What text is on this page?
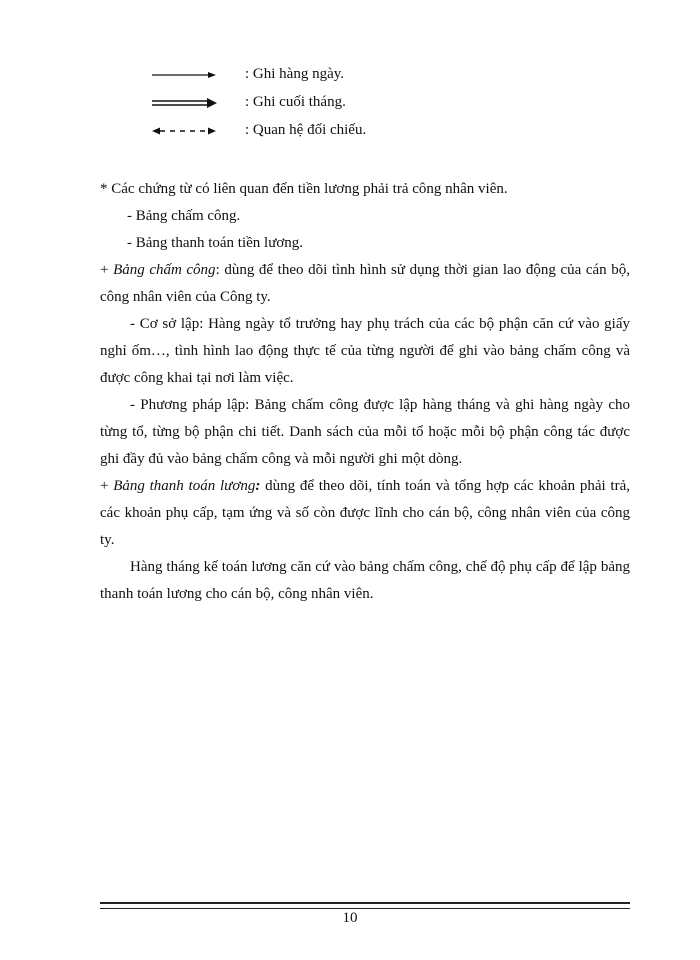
: Ghi hàng ngày.
: Ghi cuối tháng.
: Quan hệ đối chiếu.

* Các chứng từ có liên quan đến tiền lương phải trả công nhân viên.

- Bảng chấm công.

- Bảng thanh toán tiền lương.

+ Bảng chấm công: dùng để theo dõi tình hình sử dụng thời gian lao động của cán bộ, công nhân viên của Công ty.

- Cơ sở lập: Hàng ngày tổ trưởng hay phụ trách của các bộ phận căn cứ vào giấy nghỉ ốm…, tình hình lao động thực tế của từng người để ghi vào bảng chấm công và được công khai tại nơi làm việc.

- Phương pháp lập: Bảng chấm công được lập hàng tháng và ghi hàng ngày cho từng tổ, từng bộ phận chi tiết. Danh sách của mỗi tổ hoặc mỗi bộ phận công tác được ghi đầy đủ vào bảng chấm công và mỗi người ghi một dòng.

+ Bảng thanh toán lương: dùng để theo dõi, tính toán và tổng hợp các khoản phải trả, các khoản phụ cấp, tạm ứng và số còn được lĩnh cho cán bộ, công nhân viên của công ty.

Hàng tháng kế toán lương căn cứ vào bảng chấm công, chế độ phụ cấp để lập bảng thanh toán lương cho cán bộ, công nhân viên.

10
